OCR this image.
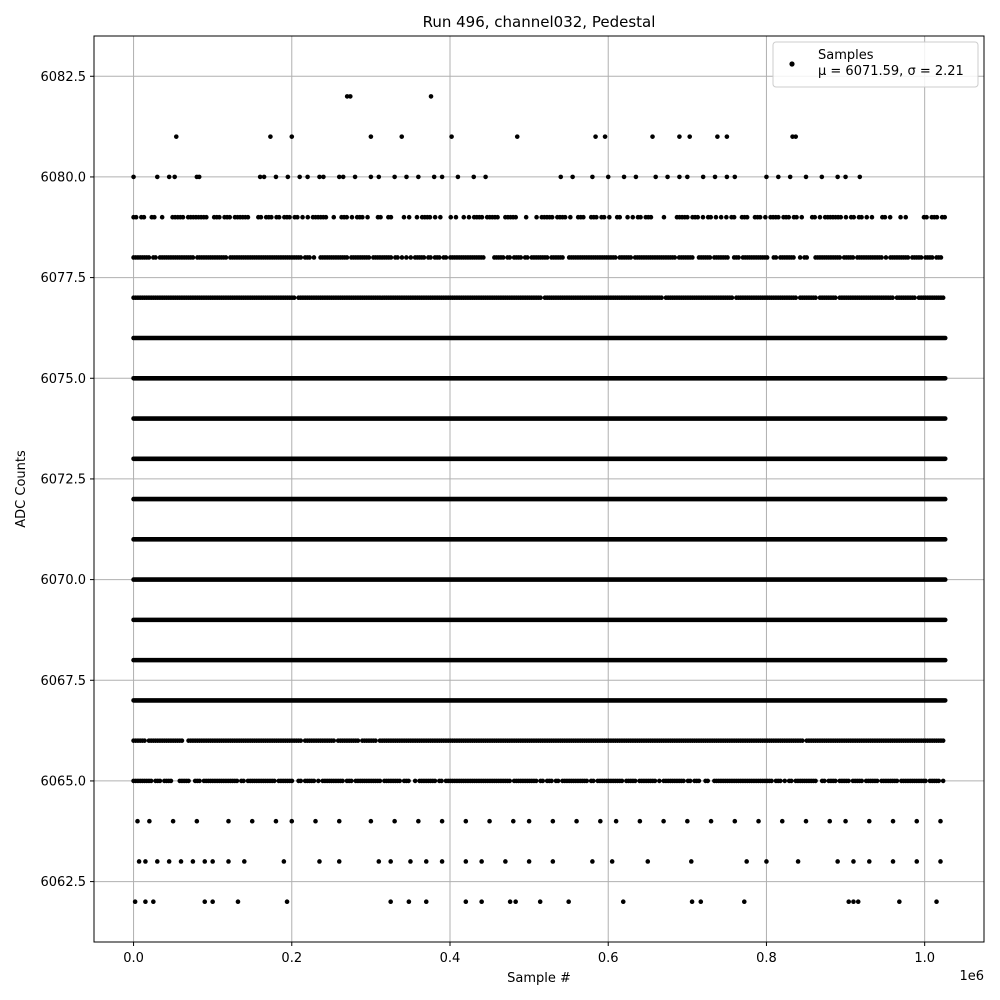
0.0	0.2	0.4	0.6	0.8	1.0
6062.5
6065.0
6067.5
6070.0
6072.5
6075.0
6077.5
6080.0
6082.5
Run 496, channel032, Pedestal
Sample #
ADC Counts
1e6
Samples
μ = 6071.59, σ = 2.21
